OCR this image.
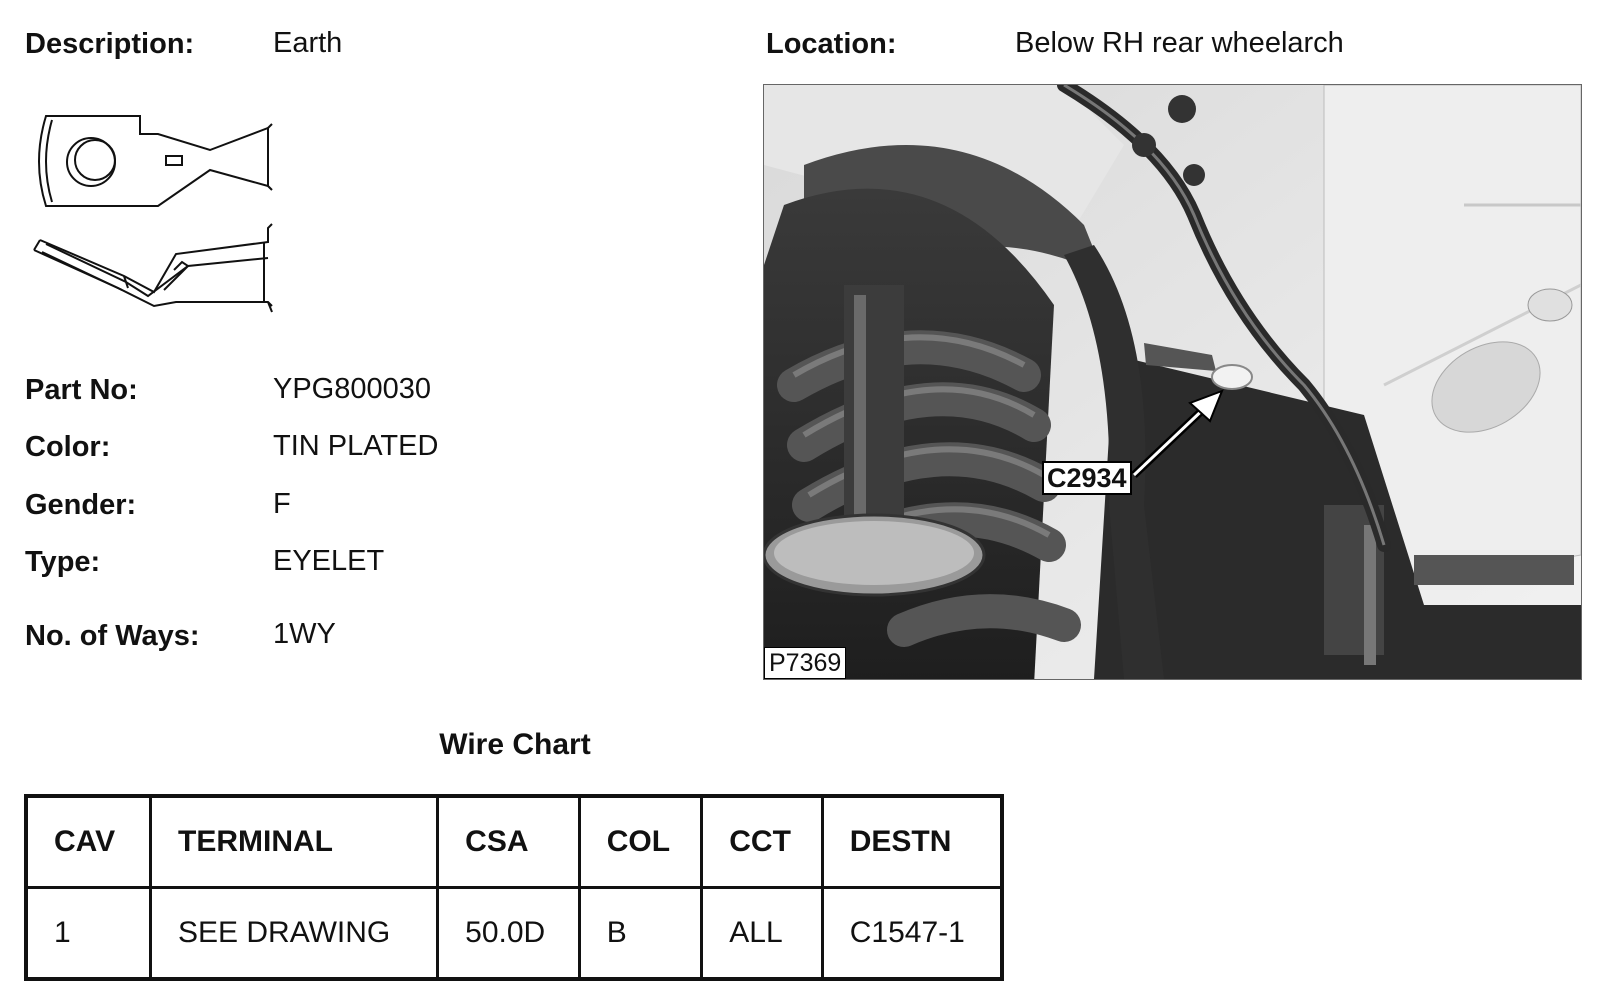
Description:	Earth	Location:	Below RH rear wheelarch
Part No:	YPG800030
Color:	TIN PLATED
Gender:	F
Type:	EYELET
No. of Ways:	1WY
C2934
P7369
Wire Chart
CAV	TERMINAL	CSA	COL	CCT	DESTN
1	SEE DRAWING	50.0D	B	ALL	C1547-1
